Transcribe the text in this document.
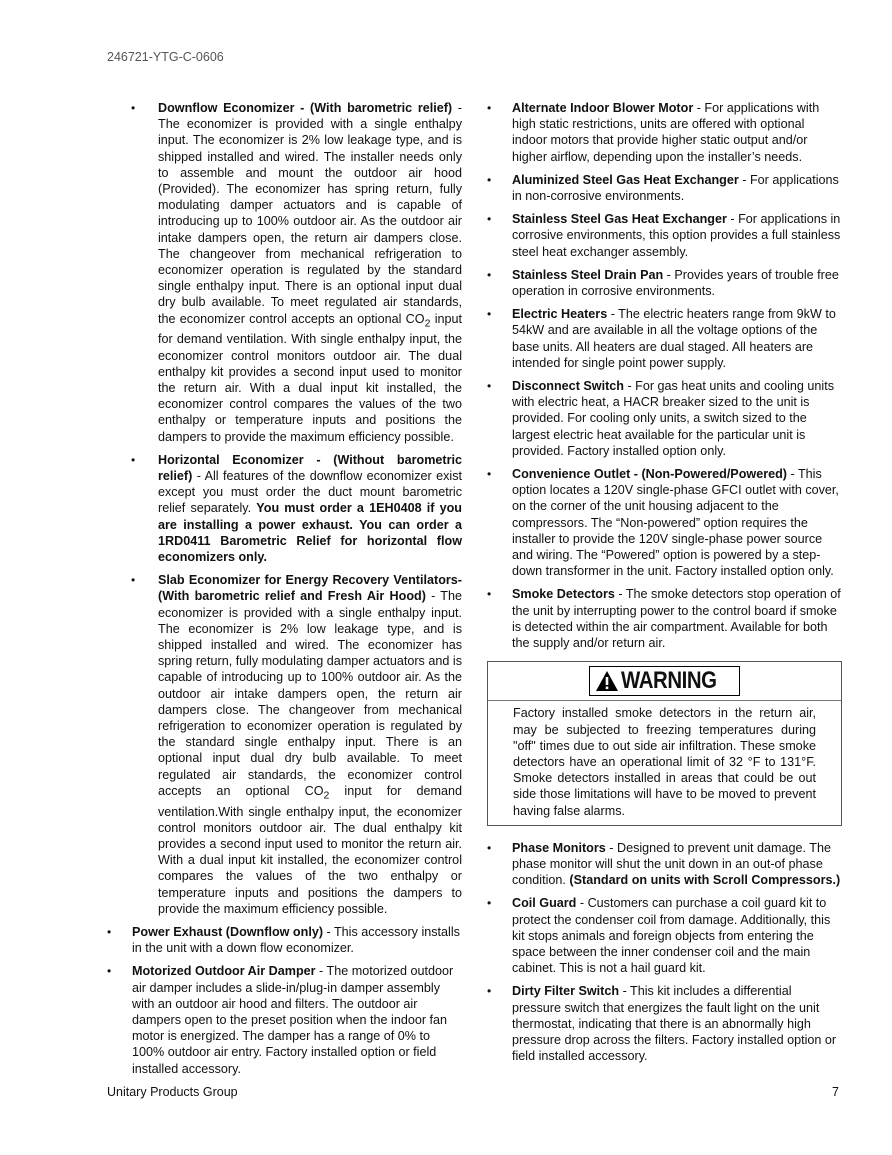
246721-YTG-C-0606
• Downflow Economizer - (With barometric relief) - The economizer is provided with a single enthalpy input. The economizer is 2% low leakage type, and is shipped installed and wired. The installer needs only to assemble and mount the outdoor air hood (Provided). The economizer has spring return, fully modulating damper actuators and is capable of introducing up to 100% outdoor air. As the outdoor air intake dampers open, the return air dampers close. The changeover from mechanical refrigeration to economizer operation is regulated by the standard single enthalpy input. There is an optional input dual dry bulb available. To meet regulated air standards, the economizer control accepts an optional $CO_2$ input for demand ventilation. With single enthalpy input, the economizer control monitors outdoor air. The dual enthalpy kit provides a second input used to monitor the return air. With a dual input kit installed, the economizer control compares the values of the two enthalpy or temperature inputs and positions the dampers to provide the maximum efficiency possible.
• Horizontal Economizer - (Without barometric relief) - All features of the downflow economizer exist except you must order the duct mount barometric relief separately. You must order a 1EH0408 if you are installing a power exhaust. You can order a 1RD0411 Barometric Relief for horizontal flow economizers only.
• Slab Economizer for Energy Recovery Ventilators- (With barometric relief and Fresh Air Hood) - The economizer is provided with a single enthalpy input. The economizer is 2% low leakage type, and is shipped installed and wired. The economizer has spring return, fully modulating damper actuators and is capable of introducing up to 100% outdoor air. As the outdoor air intake dampers open, the return air dampers close. The changeover from mechanical refrigeration to economizer operation is regulated by the standard single enthalpy input. There is an optional input dual dry bulb available. To meet regulated air standards, the economizer control accepts an optional $CO_2$ input for demand ventilation.With single enthalpy input, the economizer control monitors outdoor air. The dual enthalpy kit provides a second input used to monitor the return air. With a dual input kit installed, the economizer control compares the values of the two enthalpy or temperature inputs and positions the dampers to provide the maximum efficiency possible.
• Power Exhaust (Downflow only) - This accessory installs in the unit with a down flow economizer.
• Motorized Outdoor Air Damper - The motorized outdoor air damper includes a slide-in/plug-in damper assembly with an outdoor air hood and filters. The outdoor air dampers open to the preset position when the indoor fan motor is energized. The damper has a range of 0% to 100% outdoor air entry. Factory installed option or field installed accessory.
• Alternate Indoor Blower Motor - For applications with high static restrictions, units are offered with optional indoor motors that provide higher static output and/or higher airflow, depending upon the installer’s needs.
• Aluminized Steel Gas Heat Exchanger - For applications in non-corrosive environments.
• Stainless Steel Gas Heat Exchanger - For applications in corrosive environments, this option provides a full stainless steel heat exchanger assembly.
• Stainless Steel Drain Pan - Provides years of trouble free operation in corrosive environments.
• Electric Heaters - The electric heaters range from 9kW to 54kW and are available in all the voltage options of the base units. All heaters are dual staged. All heaters are intended for single point power supply.
• Disconnect Switch - For gas heat units and cooling units with electric heat, a HACR breaker sized to the unit is provided. For cooling only units, a switch sized to the largest electric heat available for the particular unit is provided. Factory installed option only.
• Convenience Outlet - (Non-Powered/Powered) - This option locates a 120V single-phase GFCI outlet with cover, on the corner of the unit housing adjacent to the compressors. The “Non-powered” option requires the installer to provide the 120V single-phase power source and wiring. The “Powered” option is powered by a step-down transformer in the unit. Factory installed option only.
• Smoke Detectors - The smoke detectors stop operation of the unit by interrupting power to the control board if smoke is detected within the air compartment. Available for both the supply and/or return air.
WARNING
Factory installed smoke detectors in the return air, may be subjected to freezing temperatures during "off" times due to out side air infiltration. These smoke detectors have an operational limit of 32 °F to 131°F. Smoke detectors installed in areas that could be out side those limitations will have to be moved to prevent having false alarms.
• Phase Monitors - Designed to prevent unit damage. The phase monitor will shut the unit down in an out-of phase condition. (Standard on units with Scroll Compressors.)
• Coil Guard - Customers can purchase a coil guard kit to protect the condenser coil from damage. Additionally, this kit stops animals and foreign objects from entering the space between the inner condenser coil and the main cabinet. This is not a hail guard kit.
• Dirty Filter Switch - This kit includes a differential pressure switch that energizes the fault light on the unit thermostat, indicating that there is an abnormally high pressure drop across the filters. Factory installed option or field installed accessory.
Unitary Products Group	7
